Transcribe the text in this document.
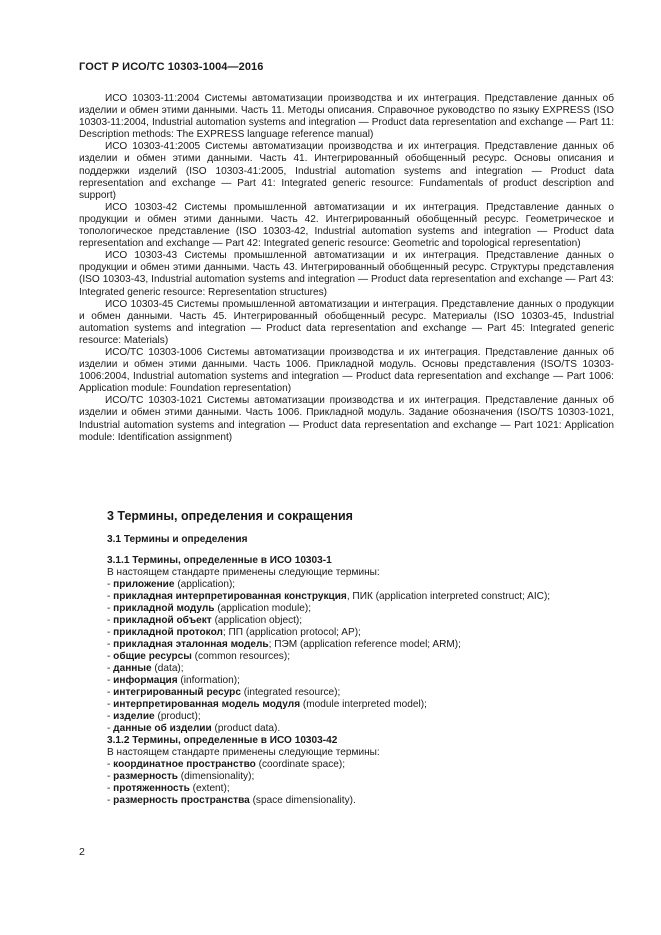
ГОСТ Р ИСО/ТС 10303-1004—2016

ИСО 10303-11:2004 Системы автоматизации производства и их интеграция. Представление данных об изделии и обмен этими данными. Часть 11. Методы описания. Справочное руководство по языку EXPRESS (ISO 10303-11:2004, Industrial automation systems and integration — Product data representation and exchange — Part 11: Description methods: The EXPRESS language reference manual)

ИСО 10303-41:2005 Системы автоматизации производства и их интеграция. Представление данных об изделии и обмен этими данными. Часть 41. Интегрированный обобщенный ресурс. Основы описания и поддержки изделий (ISO 10303-41:2005, Industrial automation systems and integration — Product data representation and exchange — Part 41: Integrated generic resource: Fundamentals of product description and support)

ИСО 10303-42 Системы промышленной автоматизации и их интеграция. Представление данных о продукции и обмен этими данными. Часть 42. Интегрированный обобщенный ресурс. Геометрическое и топологическое представление (ISO 10303-42, Industrial automation systems and integration — Product data representation and exchange — Part 42: Integrated generic resource: Geometric and topological representation)

ИСО 10303-43 Системы промышленной автоматизации и их интеграция. Представление данных о продукции и обмен этими данными. Часть 43. Интегрированный обобщенный ресурс. Структуры представления (ISO 10303-43, Industrial automation systems and integration — Product data representation and exchange — Part 43: Integrated generic resource: Representation structures)

ИСО 10303-45 Системы промышленной автоматизации и интеграция. Представление данных о продукции и обмен данными. Часть 45. Интегрированный обобщенный ресурс. Материалы (ISO 10303-45, Industrial automation systems and integration — Product data representation and exchange — Part 45: Integrated generic resource: Materials)

ИСО/ТС 10303-1006 Системы автоматизации производства и их интеграция. Представление данных об изделии и обмен этими данными. Часть 1006. Прикладной модуль. Основы представления (ISO/TS 10303-1006:2004, Industrial automation systems and integration — Product data representation and exchange — Part 1006: Application module: Foundation representation)

ИСО/ТС 10303-1021 Системы автоматизации производства и их интеграция. Представление данных об изделии и обмен этими данными. Часть 1006. Прикладной модуль. Задание обозначения (ISO/TS 10303-1021, Industrial automation systems and integration — Product data representation and exchange — Part 1021: Application module: Identification assignment)

3 Термины, определения и сокращения
3.1 Термины и определения
3.1.1 Термины, определенные в ИСО 10303-1
В настоящем стандарте применены следующие термины:
- приложение (application);
- прикладная интерпретированная конструкция, ПИК (application interpreted construct; AIC);
- прикладной модуль (application module);
- прикладной объект (application object);
- прикладной протокол; ПП (application protocol; AP);
- прикладная эталонная модель; ПЭМ (application reference model; ARM);
- общие ресурсы (common resources);
- данные (data);
- информация (information);
- интегрированный ресурс (integrated resource);
- интерпретированная модель модуля (module interpreted model);
- изделие (product);
- данные об изделии (product data).
3.1.2 Термины, определенные в ИСО 10303-42
В настоящем стандарте применены следующие термины:
- координатное пространство (coordinate space);
- размерность (dimensionality);
- протяженность (extent);
- размерность пространства (space dimensionality).
2
